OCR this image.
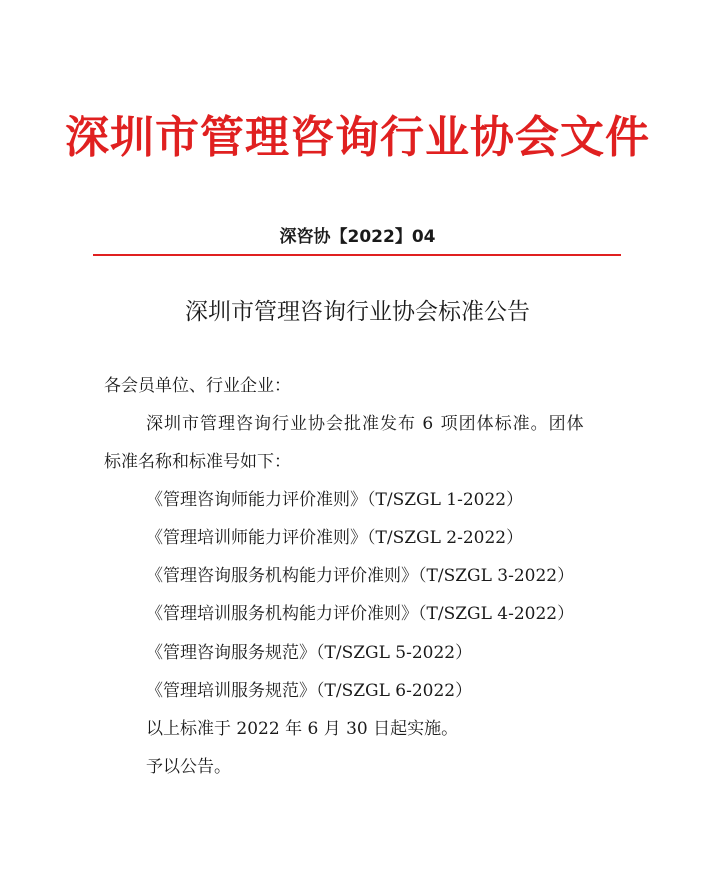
深圳市管理咨询行业协会文件
深咨协【2022】04
深圳市管理咨询行业协会标准公告
各会员单位、行业企业：
深圳市管理咨询行业协会批准发布 6 项团体标准。团体
标准名称和标准号如下：
《管理咨询师能力评价准则》（T/SZGL 1-2022）
《管理培训师能力评价准则》（T/SZGL 2-2022）
《管理咨询服务机构能力评价准则》（T/SZGL 3-2022）
《管理培训服务机构能力评价准则》（T/SZGL 4-2022）
《管理咨询服务规范》（T/SZGL 5-2022）
《管理培训服务规范》（T/SZGL 6-2022）
以上标准于 2022 年 6 月 30 日起实施。
予以公告。
